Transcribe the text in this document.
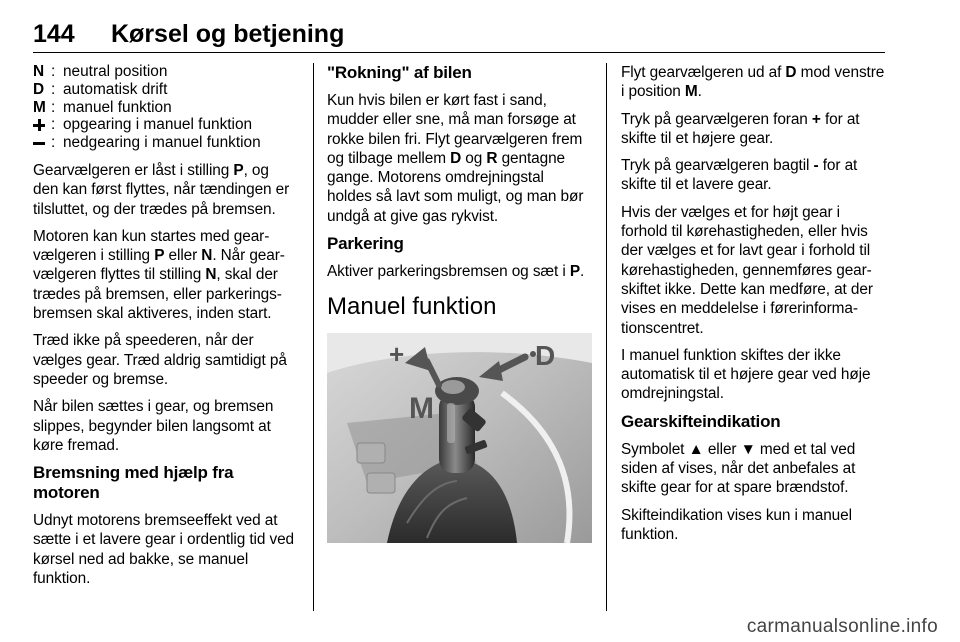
144 Kørsel og betjening
N : neutral position
D : automatisk drift
M : manuel funktion
: opgearing i manuel funktion
: nedgearing i manuel funktion

Gearvælgeren er låst i stilling P, og den kan først flyttes, når tændingen er tilsluttet, og der trædes på bremsen.

Motoren kan kun startes med gear-vælgeren i stilling P eller N. Når gear-vælgeren flyttes til stilling N, skal der trædes på bremsen, eller parkerings-bremsen skal aktiveres, inden start.

Træd ikke på speederen, når der vælges gear. Træd aldrig samtidigt på speeder og bremse.

Når bilen sættes i gear, og bremsen slippes, begynder bilen langsomt at køre fremad.

Bremsning med hjælp fra motoren

Udnyt motorens bremseeffekt ved at sætte i et lavere gear i ordentlig tid ved kørsel ned ad bakke, se manuel funktion.

"Rokning" af bilen

Kun hvis bilen er kørt fast i sand, mudder eller sne, må man forsøge at rokke bilen fri. Flyt gearvælgeren frem og tilbage mellem D og R gentagne gange. Motorens omdrejningstal holdes så lavt som muligt, og man bør undgå at give gas rykvist.

Parkering

Aktiver parkeringsbremsen og sæt i P.

Manuel funktion
+
-
D
M

Flyt gearvælgeren ud af D mod venstre i position M.

Tryk på gearvælgeren foran + for at skifte til et højere gear.

Tryk på gearvælgeren bagtil - for at skifte til et lavere gear.

Hvis der vælges et for højt gear i forhold til kørehastigheden, eller hvis der vælges et for lavt gear i forhold til kørehastigheden, gennemføres gear-skiftet ikke. Dette kan medføre, at der vises en meddelelse i førerinforma-tionscentret.

I manuel funktion skiftes der ikke automatisk til et højere gear ved høje omdrejningstal.

Gearskifteindikation

Symbolet ▲ eller ▼ med et tal ved siden af vises, når det anbefales at skifte gear for at spare brændstof.

Skifteindikation vises kun i manuel funktion.

carmanualsonline.info
